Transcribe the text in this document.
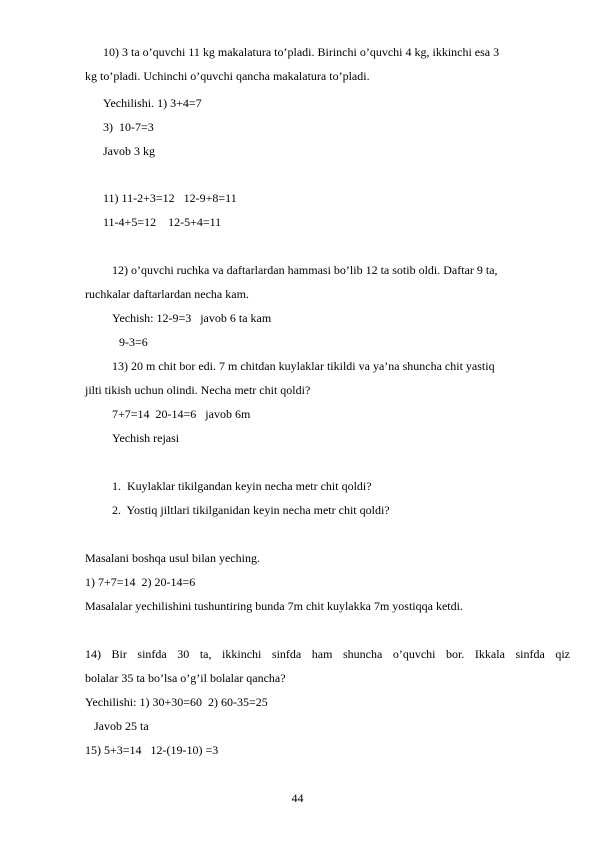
10) 3 ta o’quvchi 11 kg makalatura to’pladi. Birinchi o’quvchi 4 kg, ikkinchi esa 3
kg to’pladi. Uchinchi o’quvchi qancha makalatura to’pladi.
Yechilishi. 1) 3+4=7
3)  10-7=3
Javob 3 kg
11) 11-2+3=12   12-9+8=11
11-4+5=12    12-5+4=11
12) o’quvchi ruchka va daftarlardan hammasi bo’lib 12 ta sotib oldi. Daftar 9 ta,
ruchkalar daftarlardan necha kam.
Yechish: 12-9=3   javob 6 ta kam
9-3=6
13) 20 m chit bor edi. 7 m chitdan kuylaklar tikildi va ya’na shuncha chit yastiq
jilti tikish uchun olindi. Necha metr chit qoldi?
7+7=14  20-14=6   javob 6m
Yechish rejasi
1.  Kuylaklar tikilgandan keyin necha metr chit qoldi?
2.  Yostiq jiltlari tikilganidan keyin necha metr chit qoldi?
Masalani boshqa usul bilan yeching.
1) 7+7=14  2) 20-14=6
Masalalar yechilishini tushuntiring bunda 7m chit kuylakka 7m yostiqqa ketdi.
14) Bir sinfda 30 ta, ikkinchi sinfda ham shuncha o’quvchi bor. Ikkala sinfda qiz
bolalar 35 ta bo’lsa o’g’il bolalar qancha?
Yechilishi: 1) 30+30=60  2) 60-35=25
Javob 25 ta
15) 5+3=14   12-(19-10) =3
44
